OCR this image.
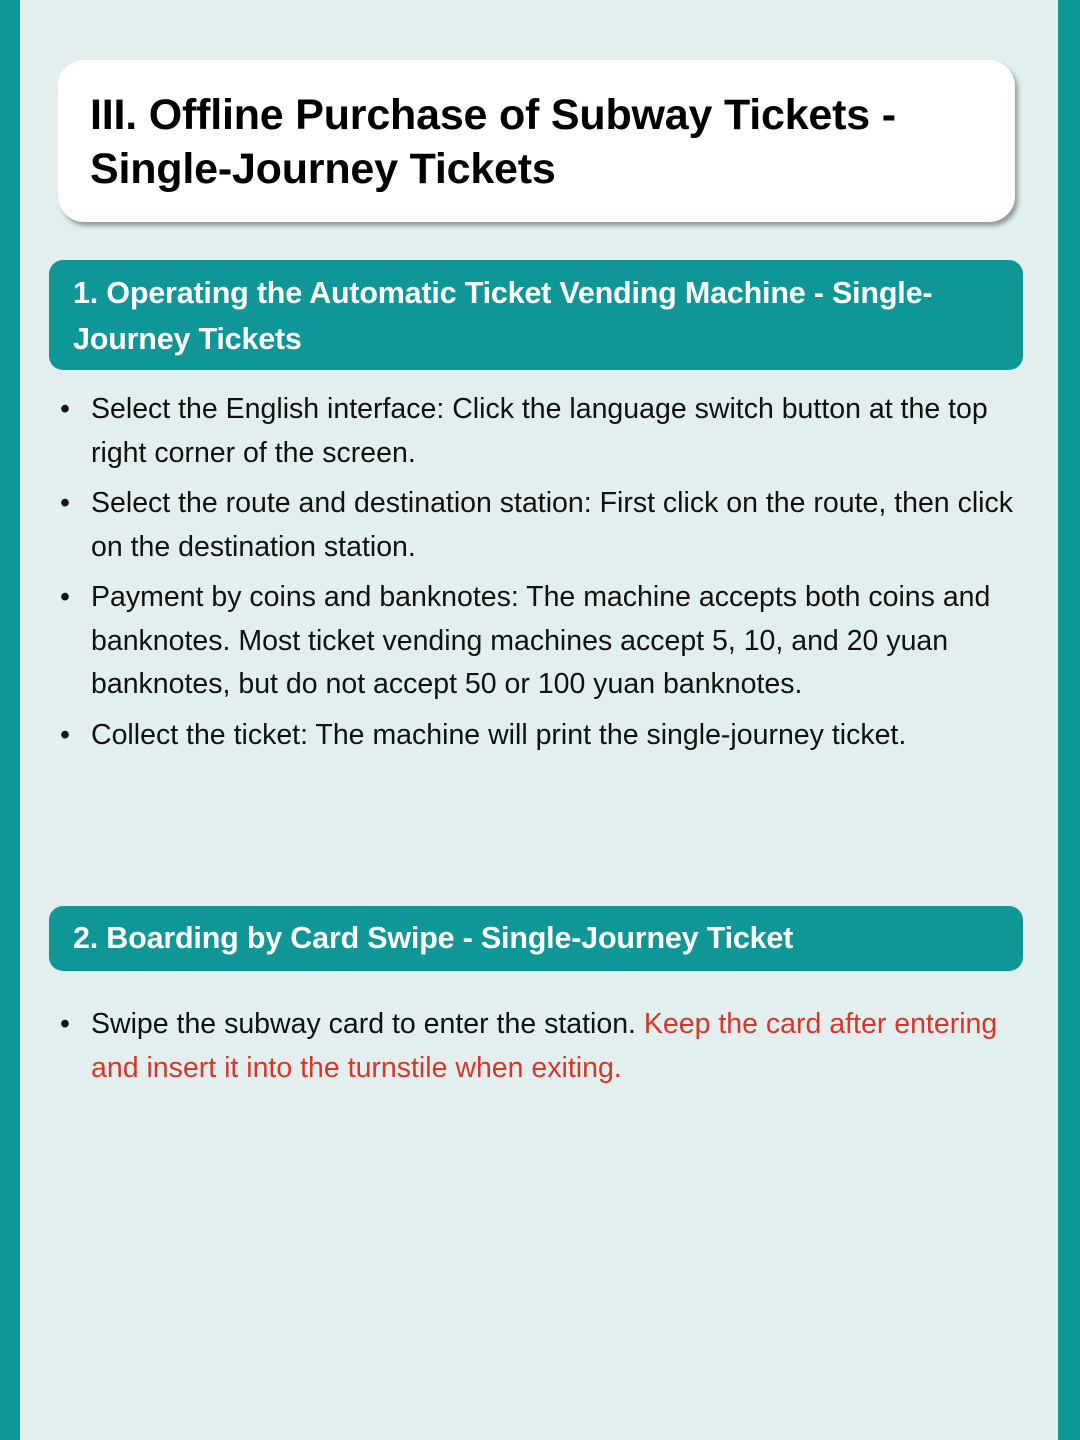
III. Offline Purchase of Subway Tickets - Single-Journey Tickets
1. Operating the Automatic Ticket Vending Machine - Single-Journey Tickets
• Select the English interface: Click the language switch button at the top right corner of the screen.
• Select the route and destination station: First click on the route, then click on the destination station.
• Payment by coins and banknotes: The machine accepts both coins and banknotes. Most ticket vending machines accept 5, 10, and 20 yuan banknotes, but do not accept 50 or 100 yuan banknotes.
• Collect the ticket: The machine will print the single-journey ticket.
2. Boarding by Card Swipe - Single-Journey Ticket
• Swipe the subway card to enter the station. Keep the card after entering and insert it into the turnstile when exiting.
